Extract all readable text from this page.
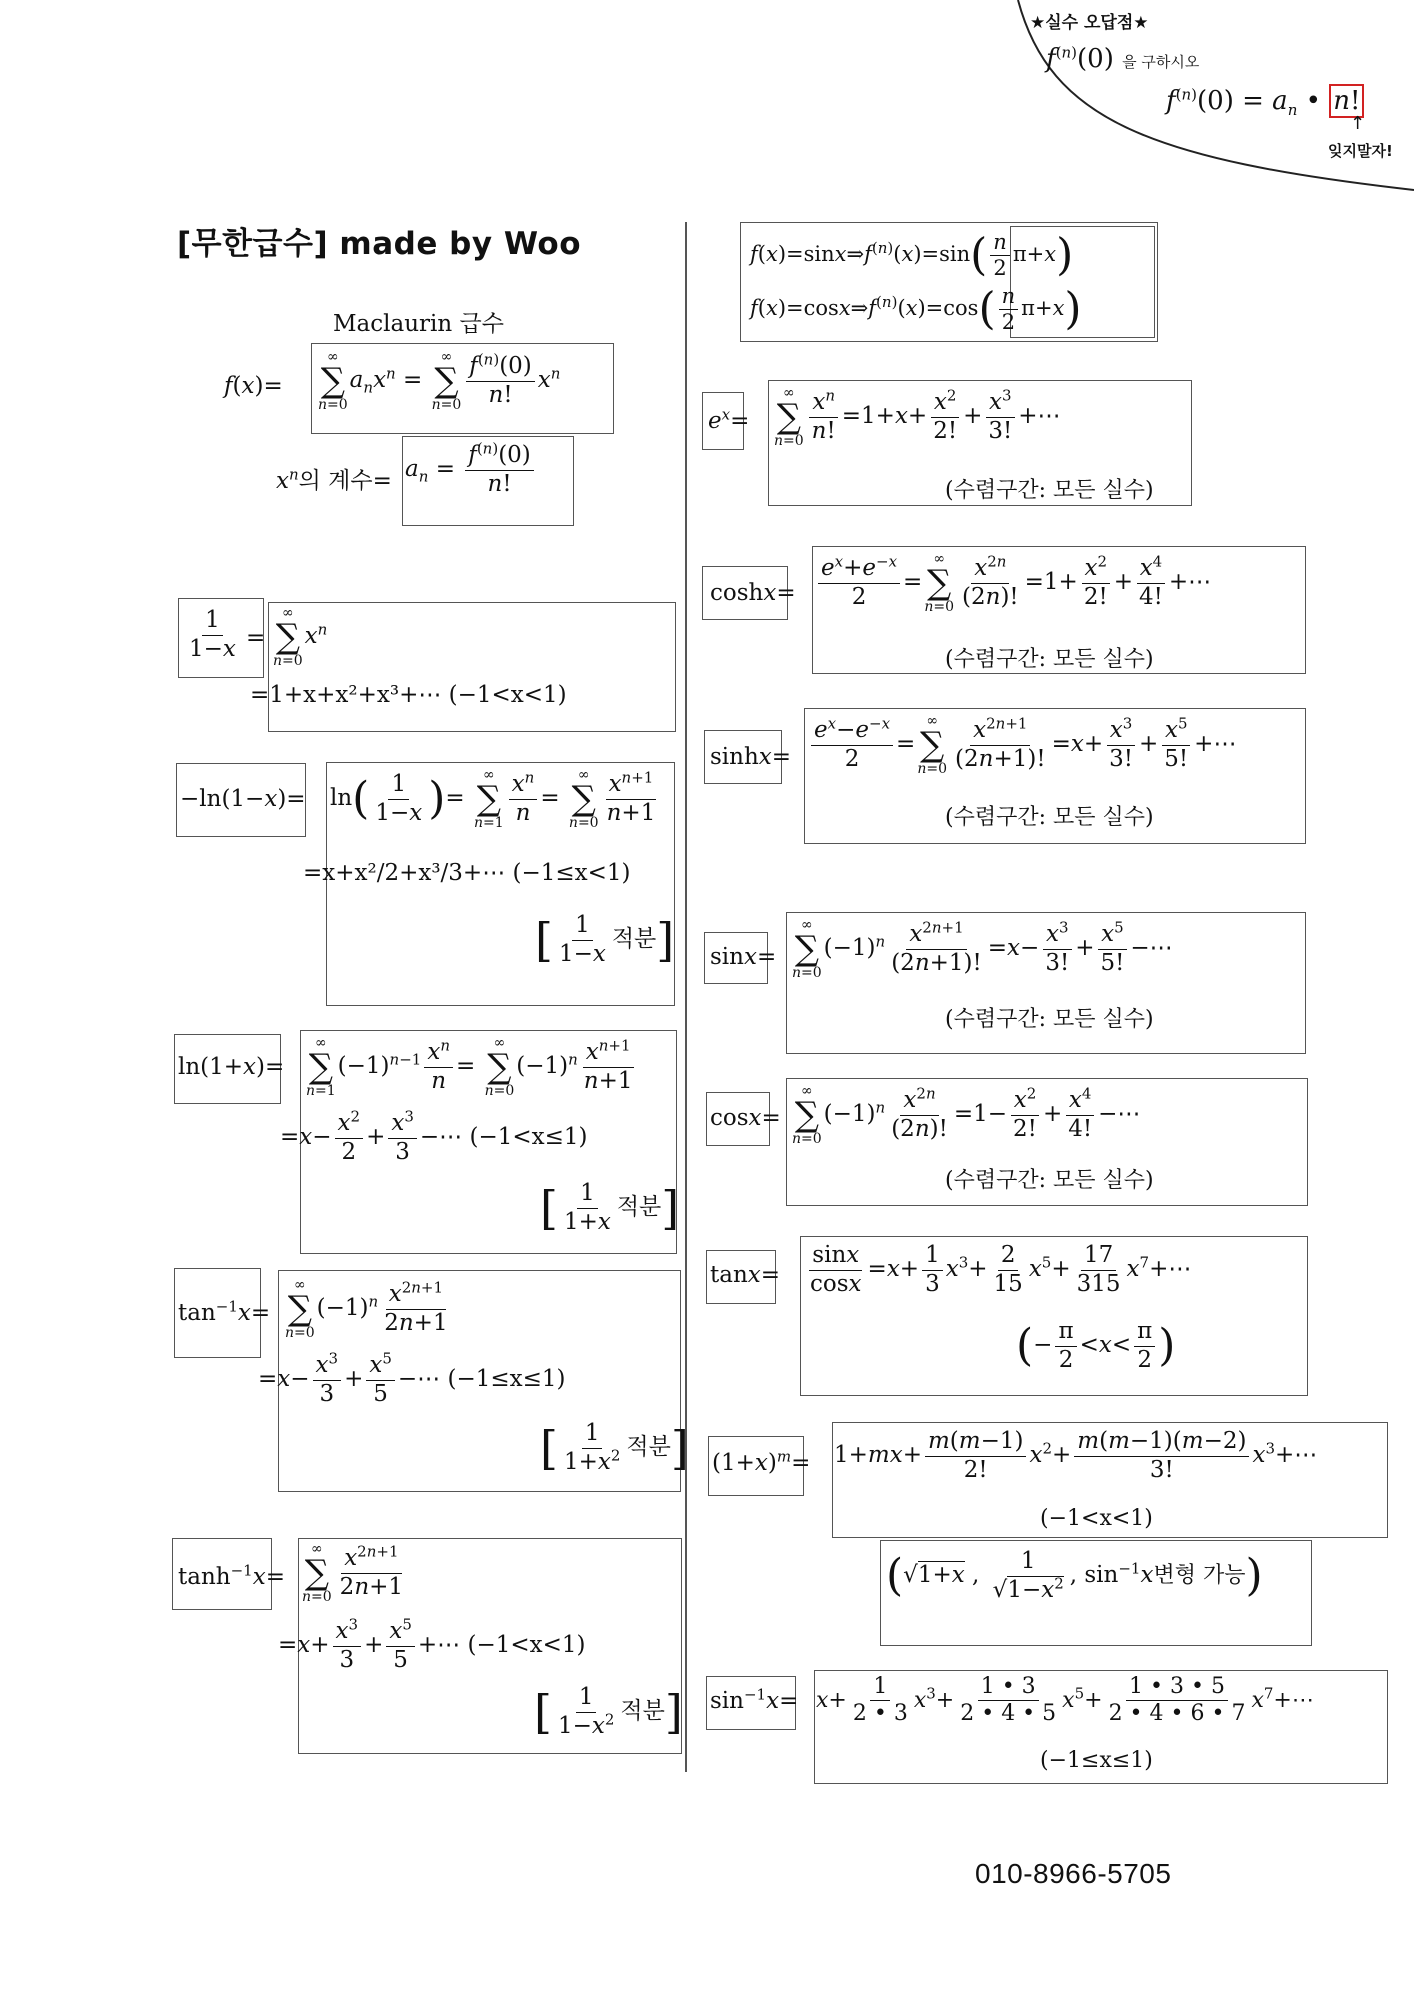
★실수 오답점★
$f^{(n)}(0)$ 을 구하시오
$f^{(n)}(0) = a_n$ • n!
↑
잊지말자!
[무한급수] made by Woo
Maclaurin 급수
f(x)=
∞
∑
n=0
$a_nx^n$ =
∞
∑
$n=0 \frac{f^{(n)}(0)}{n!} x^n$
$x^n$의 계수= $a_n = \frac{f^{(n)}(0)}{n!}$
$\frac{1}{1-x}$ =
∞
∑
n=0
$x^n$
=1+x+x²+x³+⋯ (−1<x<1)
$-\ln(1-x)= \ln( \frac{1}{1-x}$ )=
∞
∑
$n=1 \frac{x^n}{n}$ =
∞
∑
$n=0 \frac{x^{n+1}}{n+1}$
=x+x²/2+x³/3+⋯ (−1≤x<1)
[ $\frac{1}{1-x}$ 적분]
ln(1+x)=
∞
∑
n=1
$(-1)^{n-1} \frac{x^n}{n}$ =
∞
∑
n=0
$(-1)^n \frac{x^{n+1}}{n+1}$
$=x- \frac{x^2}{2} + \frac{x^3}{3}$ −⋯ (−1<x≤1)
[ $\frac{1}{1+x}$ 적분]
$\tan^{-1}x=$
∞
∑
n=0
$(-1)^n \frac{x^{2n+1}}{2n+1}$
$=x- \frac{x^3}{3} + \frac{x^5}{5}$ −⋯ (−1≤x≤1)
[ $\frac{1}{1+x^2}$ 적분]
$\tanh^{-1}x=$
∞
∑
$n=0 \frac{x^{2n+1}}{2n+1}$
$=x+ \frac{x^3}{3} + \frac{x^5}{5}$ +⋯ (−1<x<1)
[ $\frac{1}{1-x^2}$ 적분]
$f(x)=\sin x\Rightarrow f^{(n)}(x)=\sin( \frac{n}{2} \pi+x)$
$f(x)=\cos x\Rightarrow f^{(n)}(x)=\cos( \frac{n}{2} \pi+x)$
$e^x=$
∞
∑
$n=0 \frac{x^n}{n!} =1+x+ \frac{x^2}{2!} + \frac{x^3}{3!}$ +⋯
(수렴구간: 모든 실수)
$\cosh x= \frac{e^x+e^{-x}}{2}$ =
∞
∑
$n=0 \frac{x^{2n}}{(2n)!} =1+ \frac{x^2}{2!} + \frac{x^4}{4!}$ +⋯
(수렴구간: 모든 실수)
$\sinh x= \frac{e^x-e^{-x}}{2}$ =
∞
∑
$n=0 \frac{x^{2n+1}}{(2n+1)!} =x+ \frac{x^3}{3!} + \frac{x^5}{5!}$ +⋯
(수렴구간: 모든 실수)
sinx=
∞
∑
n=0
$(-1)^n \frac{x^{2n+1}}{(2n+1)!} =x- \frac{x^3}{3!} + \frac{x^5}{5!}$ −⋯
(수렴구간: 모든 실수)
cosx=
∞
∑
n=0
$(-1)^n \frac{x^{2n}}{(2n)!} =1- \frac{x^2}{2!} + \frac{x^4}{4!}$ −⋯
(수렴구간: 모든 실수)
$\tan x= \frac{\sin x}{\cos x} =x+ \frac{1}{3} x^3+ \frac{2}{15} x^5+ \frac{17}{315}$ $x^7+\cdots$
(− $\frac{\pi}{2} <x< \frac{\pi}{2}$ )
$(1+x)^m= 1+mx+ \frac{m(m-1)}{2!} x^2+ \frac{m(m-1)(m-2)}{3!}$ $x^3+\cdots$
(−1<x<1)
(√1+x , $\frac{1}{√1-x^2}$ , $\sin^{-1}x$변형 가능)
$\sin^{-1}x= x+ \frac{1}{2 • 3} x^3+ \frac{1 • 3}{2 • 4 • 5} x^5+ \frac{1 • 3 • 5}{2 • 4 • 6 • 7}$ $x^7+\cdots$
(−1≤x≤1)
010-8966-5705
